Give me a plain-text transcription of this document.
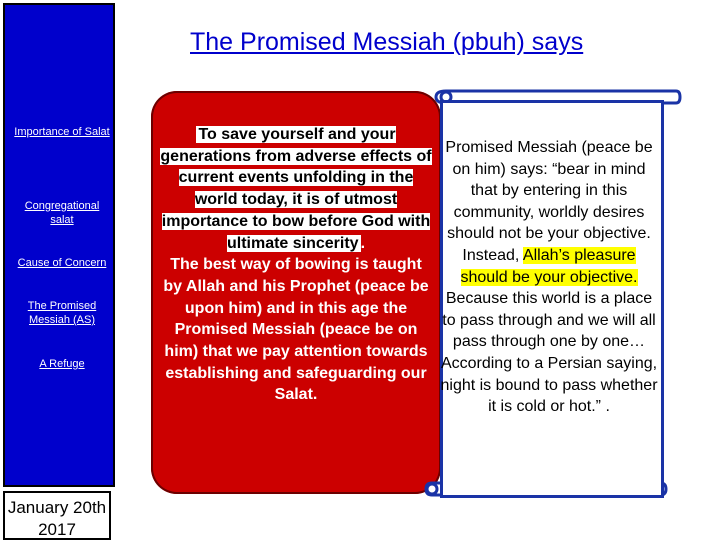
Importance of Salat
Congregational salat
Cause of Concern
The Promised Messiah (AS)
A Refuge
January 20th 2017
The Promised Messiah (pbuh) says
To save yourself and your generations from adverse effects of current events unfolding in the world today, it is of utmost importance to bow before God with ultimate sincerity .
The best way of bowing is taught by Allah and his Prophet (peace be upon him) and in this age the Promised Messiah (peace be on him) that we pay attention towards establishing and safeguarding our Salat.
Promised Messiah (peace be on him) says: “bear in mind that by entering in this community, worldly desires should not be your objective. Instead, Allah’s pleasure should be your objective. Because this world is a place to pass through and we will all pass through one by one… According to a Persian saying, night is bound to pass whether it is cold or hot.” .
